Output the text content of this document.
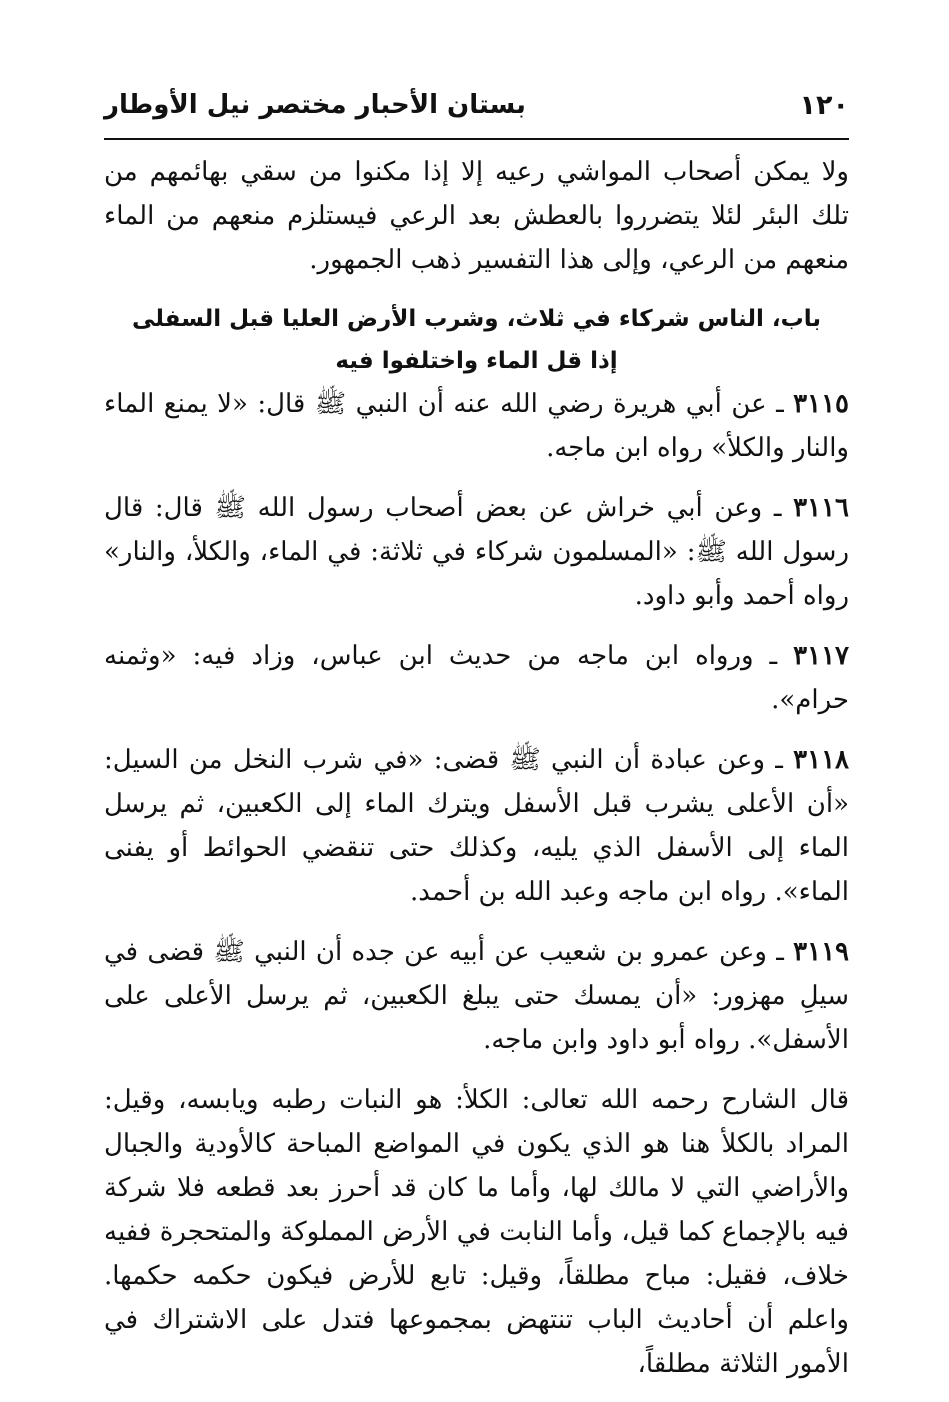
١٢٠
بستان الأحبار مختصر نيل الأوطار

ولا يمكن أصحاب المواشي رعيه إلا إذا مكنوا من سقي بهائمهم من تلك البئر لئلا يتضرروا بالعطش بعد الرعي فيستلزم منعهم من الماء منعهم من الرعي، وإلى هذا التفسير ذهب الجمهور.

باب، الناس شركاء في ثلاث، وشرب الأرض العليا قبل السفلى
إذا قل الماء واختلفوا فيه

٣١١٥ ـ عن أبي هريرة رضي الله عنه أن النبي ﷺ قال: «لا يمنع الماء والنار والكلأ» رواه ابن ماجه.

٣١١٦ ـ وعن أبي خراش عن بعض أصحاب رسول الله ﷺ قال: قال رسول الله ﷺ: «المسلمون شركاء في ثلاثة: في الماء، والكلأ، والنار» رواه أحمد وأبو داود.

٣١١٧ ـ ورواه ابن ماجه من حديث ابن عباس، وزاد فيه: «وثمنه حرام».

٣١١٨ ـ وعن عبادة أن النبي ﷺ قضى: «في شرب النخل من السيل: «أن الأعلى يشرب قبل الأسفل ويترك الماء إلى الكعبين، ثم يرسل الماء إلى الأسفل الذي يليه، وكذلك حتى تنقضي الحوائط أو يفنى الماء». رواه ابن ماجه وعبد الله بن أحمد.

٣١١٩ ـ وعن عمرو بن شعيب عن أبيه عن جده أن النبي ﷺ قضى في سيلِ مهزور: «أن يمسك حتى يبلغ الكعبين، ثم يرسل الأعلى على الأسفل». رواه أبو داود وابن ماجه.

قال الشارح رحمه الله تعالى: الكلأ: هو النبات رطبه ويابسه، وقيل: المراد بالكلأ هنا هو الذي يكون في المواضع المباحة كالأودية والجبال والأراضي التي لا مالك لها، وأما ما كان قد أحرز بعد قطعه فلا شركة فيه بالإجماع كما قيل، وأما النابت في الأرض المملوكة والمتحجرة ففيه خلاف، فقيل: مباح مطلقاً، وقيل: تابع للأرض فيكون حكمه حكمها. واعلم أن أحاديث الباب تنتهض بمجموعها فتدل على الاشتراك في الأمور الثلاثة مطلقاً،
